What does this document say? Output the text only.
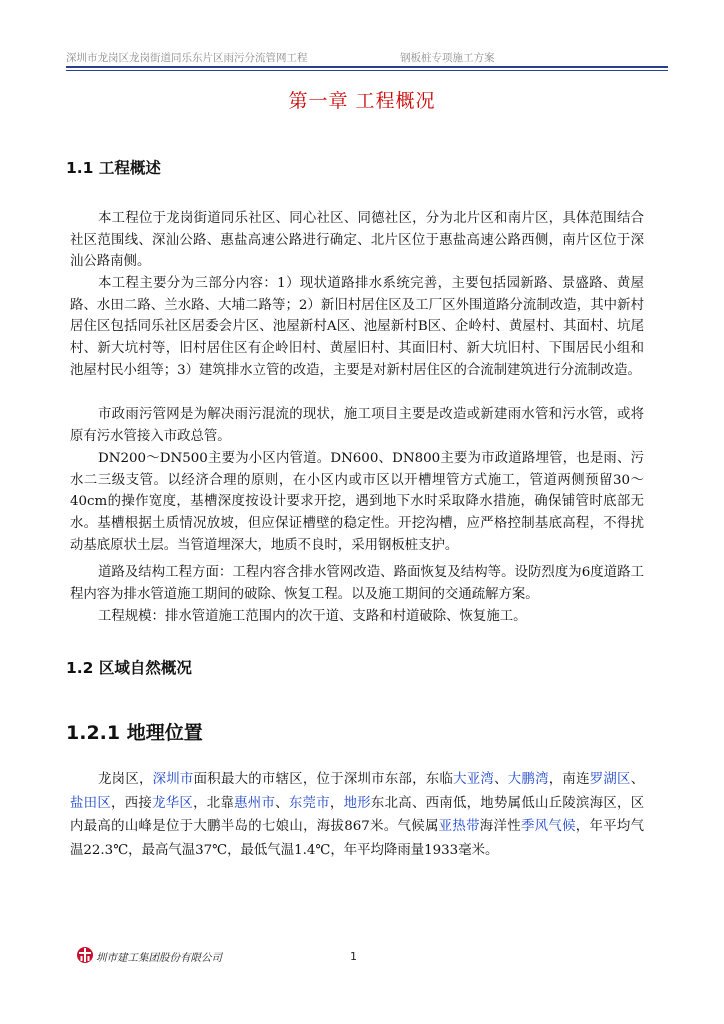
深圳市龙岗区龙岗街道同乐东片区雨污分流管网工程	钢板桩专项施工方案
第一章 工程概况
1.1 工程概述
本工程位于龙岗街道同乐社区、同心社区、同德社区，分为北片区和南片区，具体范围结合社区范围线、深汕公路、惠盐高速公路进行确定、北片区位于惠盐高速公路西侧，南片区位于深汕公路南侧。
本工程主要分为三部分内容：1）现状道路排水系统完善，主要包括园新路、景盛路、黄屋路、水田二路、兰水路、大埔二路等；2）新旧村居住区及工厂区外围道路分流制改造，其中新村居住区包括同乐社区居委会片区、池屋新村A区、池屋新村B区、企岭村、黄屋村、其面村、坑尾村、新大坑村等，旧村居住区有企岭旧村、黄屋旧村、其面旧村、新大坑旧村、下围居民小组和池屋村民小组等；3）建筑排水立管的改造，主要是对新村居住区的合流制建筑进行分流制改造。
市政雨污管网是为解决雨污混流的现状，施工项目主要是改造或新建雨水管和污水管，或将原有污水管接入市政总管。
DN200～DN500主要为小区内管道。DN600、DN800主要为市政道路埋管，也是雨、污水二三级支管。以经济合理的原则，在小区内或市区以开槽埋管方式施工，管道两侧预留30～40cm的操作宽度，基槽深度按设计要求开挖，遇到地下水时采取降水措施，确保铺管时底部无水。基槽根据土质情况放坡，但应保证槽壁的稳定性。开挖沟槽，应严格控制基底高程，不得扰动基底原状土层。当管道埋深大，地质不良时，采用钢板桩支护。
道路及结构工程方面：工程内容含排水管网改造、路面恢复及结构等。设防烈度为6度道路工程内容为排水管道施工期间的破除、恢复工程。以及施工期间的交通疏解方案。
工程规模：排水管道施工范围内的次干道、支路和村道破除、恢复施工。
1.2 区域自然概况
1.2.1 地理位置
龙岗区，深圳市面积最大的市辖区，位于深圳市东部，东临大亚湾、大鹏湾，南连罗湖区、盐田区，西接龙华区，北靠惠州市、东莞市，地形东北高、西南低，地势属低山丘陵滨海区，区内最高的山峰是位于大鹏半岛的七娘山，海拔867米。气候属亚热带海洋性季风气候，年平均气温22.3℃，最高气温37℃，最低气温1.4℃，年平均降雨量1933毫米。
圳市建工集团股份有限公司	1
